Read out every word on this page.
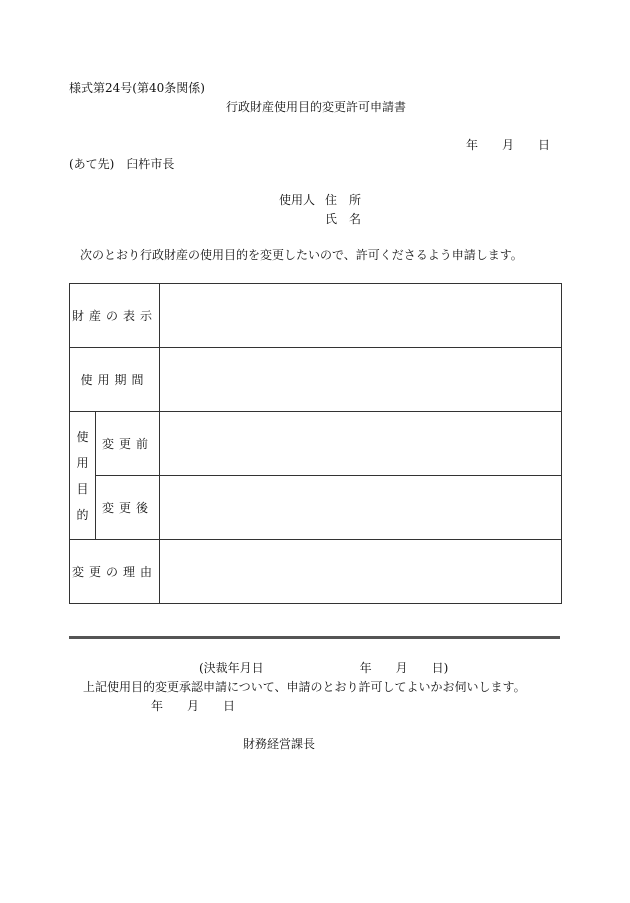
様式第24号(第40条関係)
行政財産使用目的変更許可申請書
年　　月　　日
(あて先)　臼杵市長
使用人 住　所
氏　名
次のとおり行政財産の使用目的を変更したいので、許可くださるよう申請します。
財産の表示		
使用期間		
使用目的	変更前	
	変更後	
変更の理由		
(決裁年月日　　　　　　　　年　　月　　日)
上記使用目的変更承認申請について、申請のとおり許可してよいかお伺いします。
年　　月　　日
財務経営課長
